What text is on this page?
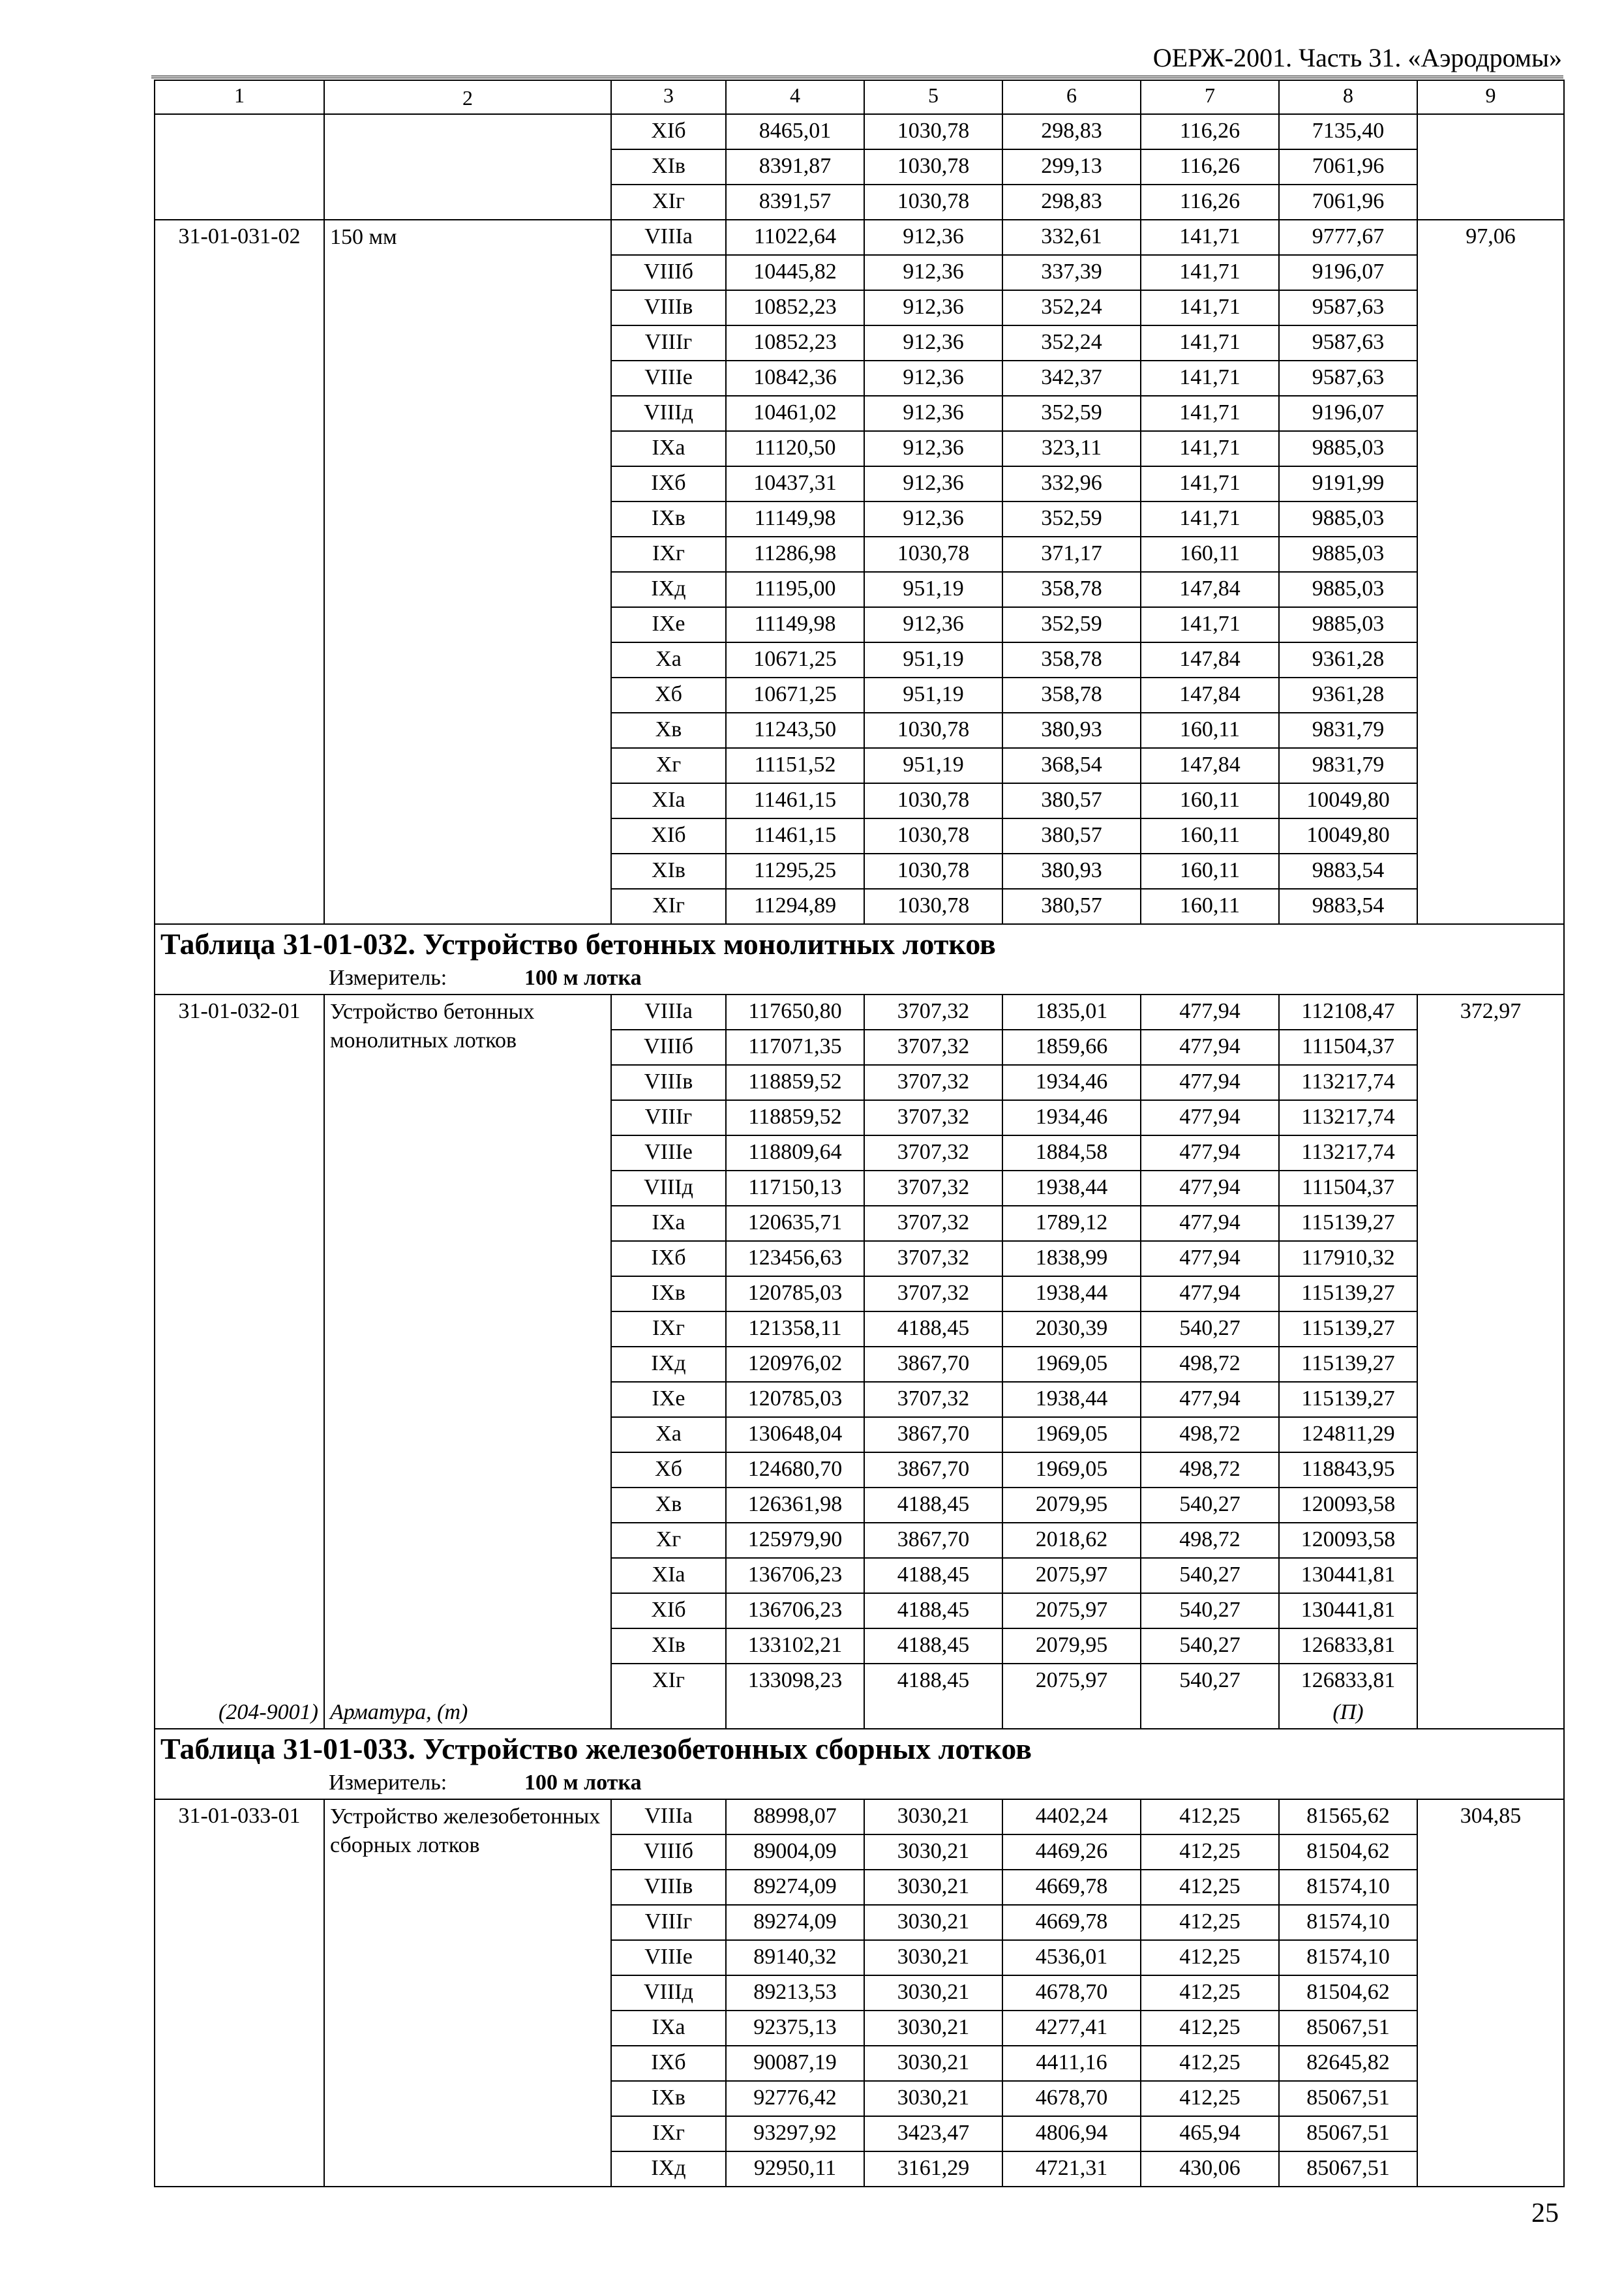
ОЕРЖ-2001. Часть 31. «Аэродромы»
1	2	3	4	5	6	7	8	9
		XIб	8465,01	1030,78	298,83	116,26	7135,40	
		XIв	8391,87	1030,78	299,13	116,26	7061,96	
		XIг	8391,57	1030,78	298,83	116,26	7061,96	
31-01-031-02	150 мм	VIIIа	11022,64	912,36	332,61	141,71	9777,67	97,06
		VIIIб	10445,82	912,36	337,39	141,71	9196,07	
		VIIIв	10852,23	912,36	352,24	141,71	9587,63	
		VIIIг	10852,23	912,36	352,24	141,71	9587,63	
		VIIIе	10842,36	912,36	342,37	141,71	9587,63	
		VIIIд	10461,02	912,36	352,59	141,71	9196,07	
		IXа	11120,50	912,36	323,11	141,71	9885,03	
		IXб	10437,31	912,36	332,96	141,71	9191,99	
		IXв	11149,98	912,36	352,59	141,71	9885,03	
		IXг	11286,98	1030,78	371,17	160,11	9885,03	
		IXд	11195,00	951,19	358,78	147,84	9885,03	
		IXе	11149,98	912,36	352,59	141,71	9885,03	
		Xа	10671,25	951,19	358,78	147,84	9361,28	
		Xб	10671,25	951,19	358,78	147,84	9361,28	
		Xв	11243,50	1030,78	380,93	160,11	9831,79	
		Xг	11151,52	951,19	368,54	147,84	9831,79	
		XIа	11461,15	1030,78	380,57	160,11	10049,80	
		XIб	11461,15	1030,78	380,57	160,11	10049,80	
		XIв	11295,25	1030,78	380,93	160,11	9883,54	
		XIг	11294,89	1030,78	380,57	160,11	9883,54	
Таблица 31-01-032. Устройство бетонных монолитных лотков								
Измеритель: 100 м лотка								
31-01-032-01	Устройство бетонных монолитных лотков	VIIIа	117650,80	3707,32	1835,01	477,94	112108,47	372,97
		VIIIб	117071,35	3707,32	1859,66	477,94	111504,37	
		VIIIв	118859,52	3707,32	1934,46	477,94	113217,74	
		VIIIг	118859,52	3707,32	1934,46	477,94	113217,74	
		VIIIе	118809,64	3707,32	1884,58	477,94	113217,74	
		VIIIд	117150,13	3707,32	1938,44	477,94	111504,37	
		IXа	120635,71	3707,32	1789,12	477,94	115139,27	
		IXб	123456,63	3707,32	1838,99	477,94	117910,32	
		IXв	120785,03	3707,32	1938,44	477,94	115139,27	
		IXг	121358,11	4188,45	2030,39	540,27	115139,27	
		IXд	120976,02	3867,70	1969,05	498,72	115139,27	
		IXе	120785,03	3707,32	1938,44	477,94	115139,27	
		Xа	130648,04	3867,70	1969,05	498,72	124811,29	
		Xб	124680,70	3867,70	1969,05	498,72	118843,95	
		Xв	126361,98	4188,45	2079,95	540,27	120093,58	
		Xг	125979,90	3867,70	2018,62	498,72	120093,58	
		XIа	136706,23	4188,45	2075,97	540,27	130441,81	
		XIб	136706,23	4188,45	2075,97	540,27	130441,81	
		XIв	133102,21	4188,45	2079,95	540,27	126833,81	
		XIг	133098,23	4188,45	2075,97	540,27	126833,81	
(204-9001)	Арматура, (т)						(П)	
Таблица 31-01-033. Устройство железобетонных сборных лотков								
Измеритель: 100 м лотка								
31-01-033-01	Устройство железобетонных сборных лотков	VIIIа	88998,07	3030,21	4402,24	412,25	81565,62	304,85
		VIIIб	89004,09	3030,21	4469,26	412,25	81504,62	
		VIIIв	89274,09	3030,21	4669,78	412,25	81574,10	
		VIIIг	89274,09	3030,21	4669,78	412,25	81574,10	
		VIIIе	89140,32	3030,21	4536,01	412,25	81574,10	
		VIIIд	89213,53	3030,21	4678,70	412,25	81504,62	
		IXа	92375,13	3030,21	4277,41	412,25	85067,51	
		IXб	90087,19	3030,21	4411,16	412,25	82645,82	
		IXв	92776,42	3030,21	4678,70	412,25	85067,51	
		IXг	93297,92	3423,47	4806,94	465,94	85067,51	
		IXд	92950,11	3161,29	4721,31	430,06	85067,51	
25
